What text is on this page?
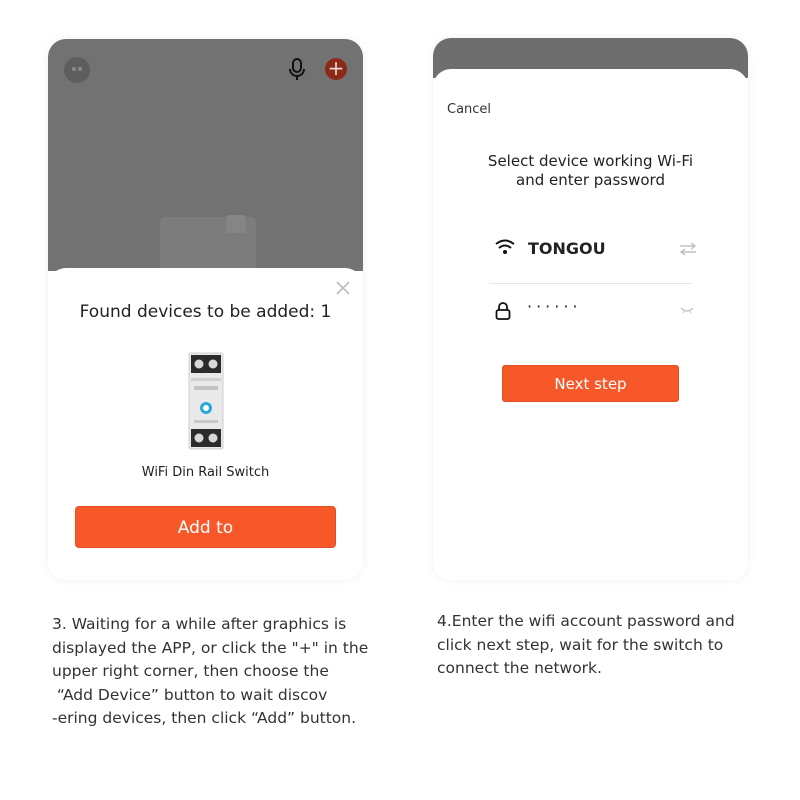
+
Found devices to be added: 1
WiFi Din Rail Switch
Add to
Cancel
Select device working Wi-Fi
and enter password
TONGOU
······
Next step
3. Waiting for a while after graphics is
displayed the APP, or click the "+" in the
upper right corner, then choose the
“Add Device” button to wait discov
-ering devices, then click “Add” button.
4.Enter the wifi account password and
click next step, wait for the switch to
connect the network.
